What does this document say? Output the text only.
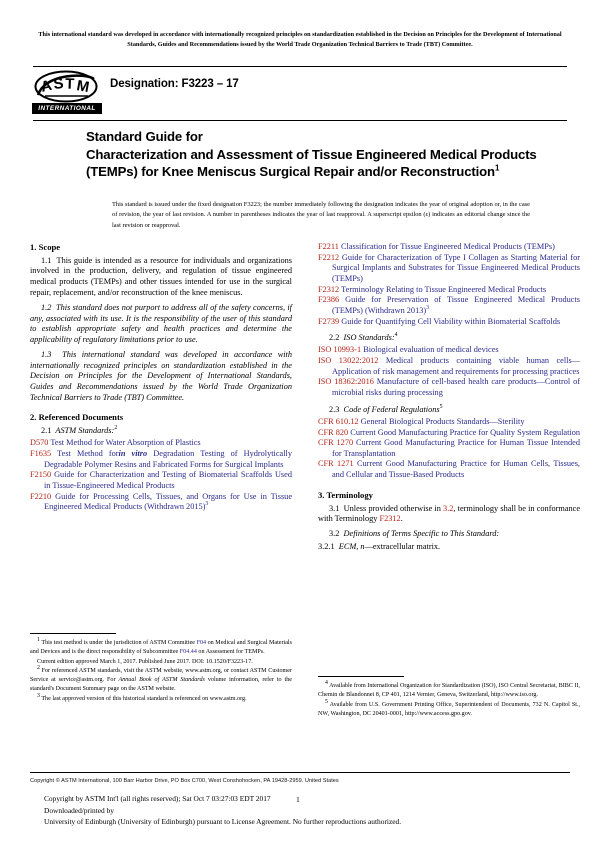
This international standard was developed in accordance with internationally recognized principles on standardization established in the Decision on Principles for the Development of International Standards, Guides and Recommendations issued by the World Trade Organization Technical Barriers to Trade (TBT) Committee.
A S T M
INTERNATIONAL
Designation: F3223 – 17
Standard Guide for
Characterization and Assessment of Tissue Engineered Medical Products (TEMPs) for Knee Meniscus Surgical Repair and/or Reconstruction$^1$
This standard is issued under the fixed designation F3223; the number immediately following the designation indicates the year of original adoption or, in the case of revision, the year of last revision. A number in parentheses indicates the year of last reapproval. A superscript epsilon (ε) indicates an editorial change since the last revision or reapproval.
1. Scope

1.1 This guide is intended as a resource for individuals and organizations involved in the production, delivery, and regulation of tissue engineered medical products (TEMPs) and other tissues intended for use in the surgical repair, replacement, and/or reconstruction of the knee meniscus.

1.2 This standard does not purport to address all of the safety concerns, if any, associated with its use. It is the responsibility of the user of this standard to establish appropriate safety and health practices and determine the applicability of regulatory limitations prior to use.

1.3 This international standard was developed in accordance with internationally recognized principles on standardization established in the Decision on Principles for the Development of International Standards, Guides and Recommendations issued by the World Trade Organization Technical Barriers to Trade (TBT) Committee.

2. Referenced Documents

2.1 ASTM Standards:$^2$

D570 Test Method for Water Absorption of Plastics

F1635 Test Method forin vitro Degradation Testing of Hydrolytically Degradable Polymer Resins and Fabricated Forms for Surgical Implants

F2150 Guide for Characterization and Testing of Biomaterial Scaffolds Used in Tissue-Engineered Medical Products

F2210 Guide for Processing Cells, Tissues, and Organs for Use in Tissue Engineered Medical Products (Withdrawn 2015)$^3$

F2211 Classification for Tissue Engineered Medical Products (TEMPs)

F2212 Guide for Characterization of Type I Collagen as Starting Material for Surgical Implants and Substrates for Tissue Engineered Medical Products (TEMPs)

F2312 Terminology Relating to Tissue Engineered Medical Products

F2386 Guide for Preservation of Tissue Engineered Medical Products (TEMPs) (Withdrawn 2013)$^3$

F2739 Guide for Quantifying Cell Viability within Biomaterial Scaffolds

2.2 ISO Standards:$^4$

ISO 10993-1 Biological evaluation of medical devices

ISO 13022:2012 Medical products containing viable human cells—Application of risk management and requirements for processing practices

ISO 18362:2016 Manufacture of cell-based health care products—Control of microbial risks during processing

2.3 Code of Federal Regulations$^5$

CFR 610.12 General Biological Products Standards—Sterility

CFR 820 Current Good Manufacturing Practice for Quality System Regulation

CFR 1270 Current Good Manufacturing Practice for Human Tissue Intended for Transplantation

CFR 1271 Current Good Manufacturing Practice for Human Cells, Tissues, and Cellular and Tissue-Based Products

3. Terminology

3.1 Unless provided otherwise in 3.2, terminology shall be in conformance with Terminology F2312.

3.2 Definitions of Terms Specific to This Standard:

3.2.1 ECM, n—extracellular matrix.

1 This test method is under the jurisdiction of ASTM Committee F04 on Medical and Surgical Materials and Devices and is the direct responsibility of Subcommittee F04.44 on Assessment for TEMPs.

Current edition approved March 1, 2017. Published June 2017. DOI: 10.1520/F3223-17.

2 For referenced ASTM standards, visit the ASTM website, www.astm.org, or contact ASTM Customer Service at service@astm.org. For Annual Book of ASTM Standards volume information, refer to the standard's Document Summary page on the ASTM website.

3 The last approved version of this historical standard is referenced on www.astm.org.

4 Available from International Organization for Standardization (ISO), ISO Central Secretariat, BIBC II, Chemin de Blandonnet 8, CP 401, 1214 Vernier, Geneva, Switzerland, http://www.iso.org.

5 Available from U.S. Government Printing Office, Superintendent of Documents, 732 N. Capitol St., NW, Washington, DC 20401-0001, http://www.access.gpo.gov.

Copyright © ASTM International, 100 Barr Harbor Drive, PO Box C700, West Conshohocken, PA 19428-2959. United States
Copyright by ASTM Int'l (all rights reserved); Sat Oct 7 03:27:03 EDT 2017
Downloaded/printed by
University of Edinburgh (University of Edinburgh) pursuant to License Agreement. No further reproductions authorized.
1
